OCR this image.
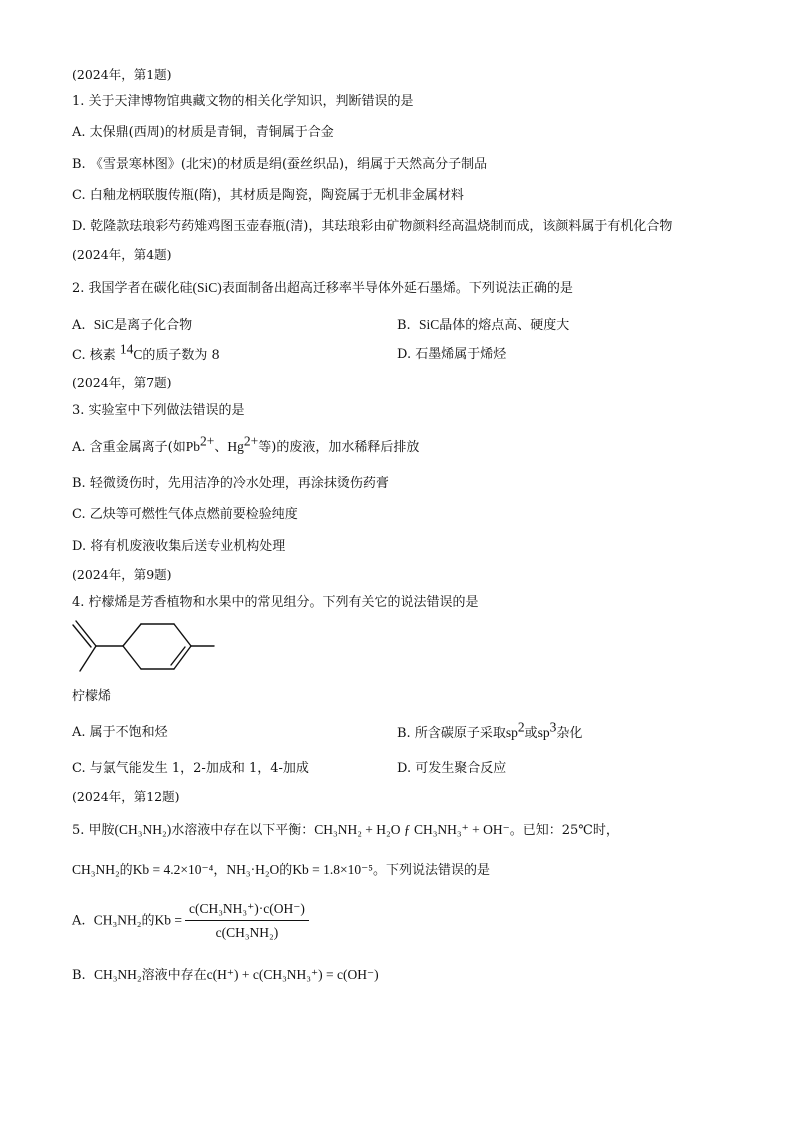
(2024年，第1题)
1. 关于天津博物馆典藏文物的相关化学知识，判断错误的是
A. 太保鼎(西周)的材质是青铜，青铜属于合金
B. 《雪景寒林图》(北宋)的材质是绢(蚕丝织品)，绢属于天然高分子制品
C. 白釉龙柄联腹传瓶(隋)，其材质是陶瓷，陶瓷属于无机非金属材料
D. 乾隆款珐琅彩芍药雉鸡图玉壶春瓶(清)，其珐琅彩由矿物颜料经高温烧制而成，该颜料属于有机化合物
(2024年，第4题)
2. 我国学者在碳化硅(SiC)表面制备出超高迁移率半导体外延石墨烯。下列说法正确的是
A. SiC是离子化合物	B. SiC晶体的熔点高、硬度大
C. 核素 $^{14}$C的质子数为 8	D. 石墨烯属于烯烃
(2024年，第7题)
3. 实验室中下列做法错误的是
A. 含重金属离子(如$Pb^{2+}$、$Hg^{2+}$等)的废液，加水稀释后排放
B. 轻微烫伤时，先用洁净的冷水处理，再涂抹烫伤药膏
C. 乙炔等可燃性气体点燃前要检验纯度
D. 将有机废液收集后送专业机构处理
(2024年，第9题)
4. 柠檬烯是芳香植物和水果中的常见组分。下列有关它的说法错误的是
柠檬烯
A. 属于不饱和烃	B. 所含碳原子采取$sp^2$或$sp^3$杂化
C. 与氯气能发生 1，2-加成和 1，4-加成	D. 可发生聚合反应
(2024年，第12题)
5. 甲胺(CH₃NH₂)水溶液中存在以下平衡：CH₃NH₂ + H₂O ƒ CH₃NH₃⁺ + OH⁻。已知：25℃时，
CH₃NH₂的Kb = 4.2×10⁻⁴，NH₃·H₂O的Kb = 1.8×10⁻⁵。下列说法错误的是
A. CH₃NH₂的$Kb = \frac{\text{c(CH₃NH₃⁺)·c(OH⁻)}}{\text{c(CH₃NH₂)}}$
B. CH₃NH₂溶液中存在c(H⁺) + c(CH₃NH₃⁺) = c(OH⁻)
